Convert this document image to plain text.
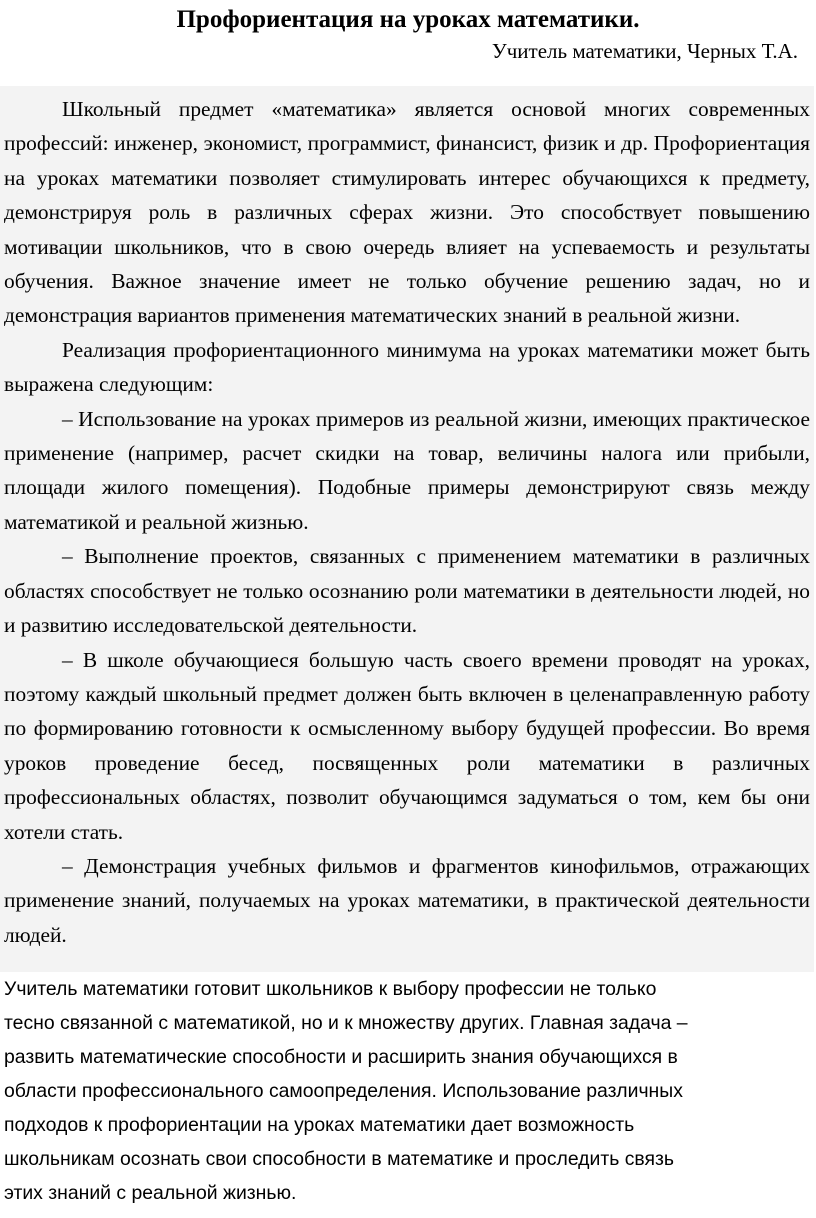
Профориентация на уроках математики.
Учитель математики, Черных Т.А.

Школьный предмет «математика» является основой многих современных профессий: инженер, экономист, программист, финансист, физик и др. Профориентация на уроках математики позволяет стимулировать интерес обучающихся к предмету, демонстрируя роль в различных сферах жизни. Это способствует повышению мотивации школьников, что в свою очередь влияет на успеваемость и результаты обучения. Важное значение имеет не только обучение решению задач, но и демонстрация вариантов применения математических знаний в реальной жизни.

Реализация профориентационного минимума на уроках математики может быть выражена следующим:

– Использование на уроках примеров из реальной жизни, имеющих практическое применение (например, расчет скидки на товар, величины налога или прибыли, площади жилого помещения). Подобные примеры демонстрируют связь между математикой и реальной жизнью.

– Выполнение проектов, связанных с применением математики в различных областях способствует не только осознанию роли математики в деятельности людей, но и развитию исследовательской деятельности.

– В школе обучающиеся большую часть своего времени проводят на уроках, поэтому каждый школьный предмет должен быть включен в целенаправленную работу по формированию готовности к осмысленному выбору будущей профессии. Во время уроков проведение бесед, посвященных роли математики в различных профессиональных областях, позволит обучающимся задуматься о том, кем бы они хотели стать.

– Демонстрация учебных фильмов и фрагментов кинофильмов, отражающих применение знаний, получаемых на уроках математики, в практической деятельности людей.

Учитель математики готовит школьников к выбору профессии не только
тесно связанной с математикой, но и к множеству других. Главная задача –
развить математические способности и расширить знания обучающихся в
области профессионального самоопределения. Использование различных
подходов к профориентации на уроках математики дает возможность
школьникам осознать свои способности в математике и проследить связь
этих знаний с реальной жизнью.
